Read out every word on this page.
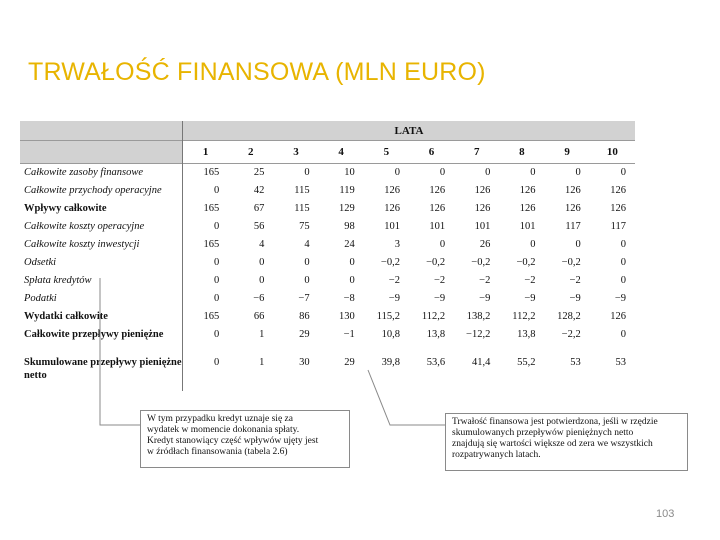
TRWAŁOŚĆ FINANSOWA (MLN EURO)
	LATA									
	1	2	3	4	5	6	7	8	9	10
Całkowite zasoby finansowe	165	25	0	10	0	0	0	0	0	0
Całkowite przychody operacyjne	0	42	115	119	126	126	126	126	126	126
Wpływy całkowite	165	67	115	129	126	126	126	126	126	126
Całkowite koszty operacyjne	0	56	75	98	101	101	101	101	117	117
Całkowite koszty inwestycji	165	4	4	24	3	0	26	0	0	0
Odsetki	0	0	0	0	−0,2	−0,2	−0,2	−0,2	−0,2	0
Spłata kredytów	0	0	0	0	−2	−2	−2	−2	−2	0
Podatki	0	−6	−7	−8	−9	−9	−9	−9	−9	−9
Wydatki całkowite	165	66	86	130	115,2	112,2	138,2	112,2	128,2	126
Całkowite przepływy pieniężne	0	1	29	−1	10,8	13,8	−12,2	13,8	−2,2	0
Skumulowane przepływy pieniężne netto	0	1	30	29	39,8	53,6	41,4	55,2	53	53
W tym przypadku kredyt uznaje się za
wydatek w momencie dokonania spłaty.
Kredyt stanowiący część wpływów ujęty jest
w źródłach finansowania (tabela 2.6)
Trwałość finansowa jest potwierdzona, jeśli w rzędzie
skumulowanych przepływów pieniężnych netto
znajdują się wartości większe od zera we wszystkich
rozpatrywanych latach.
103
